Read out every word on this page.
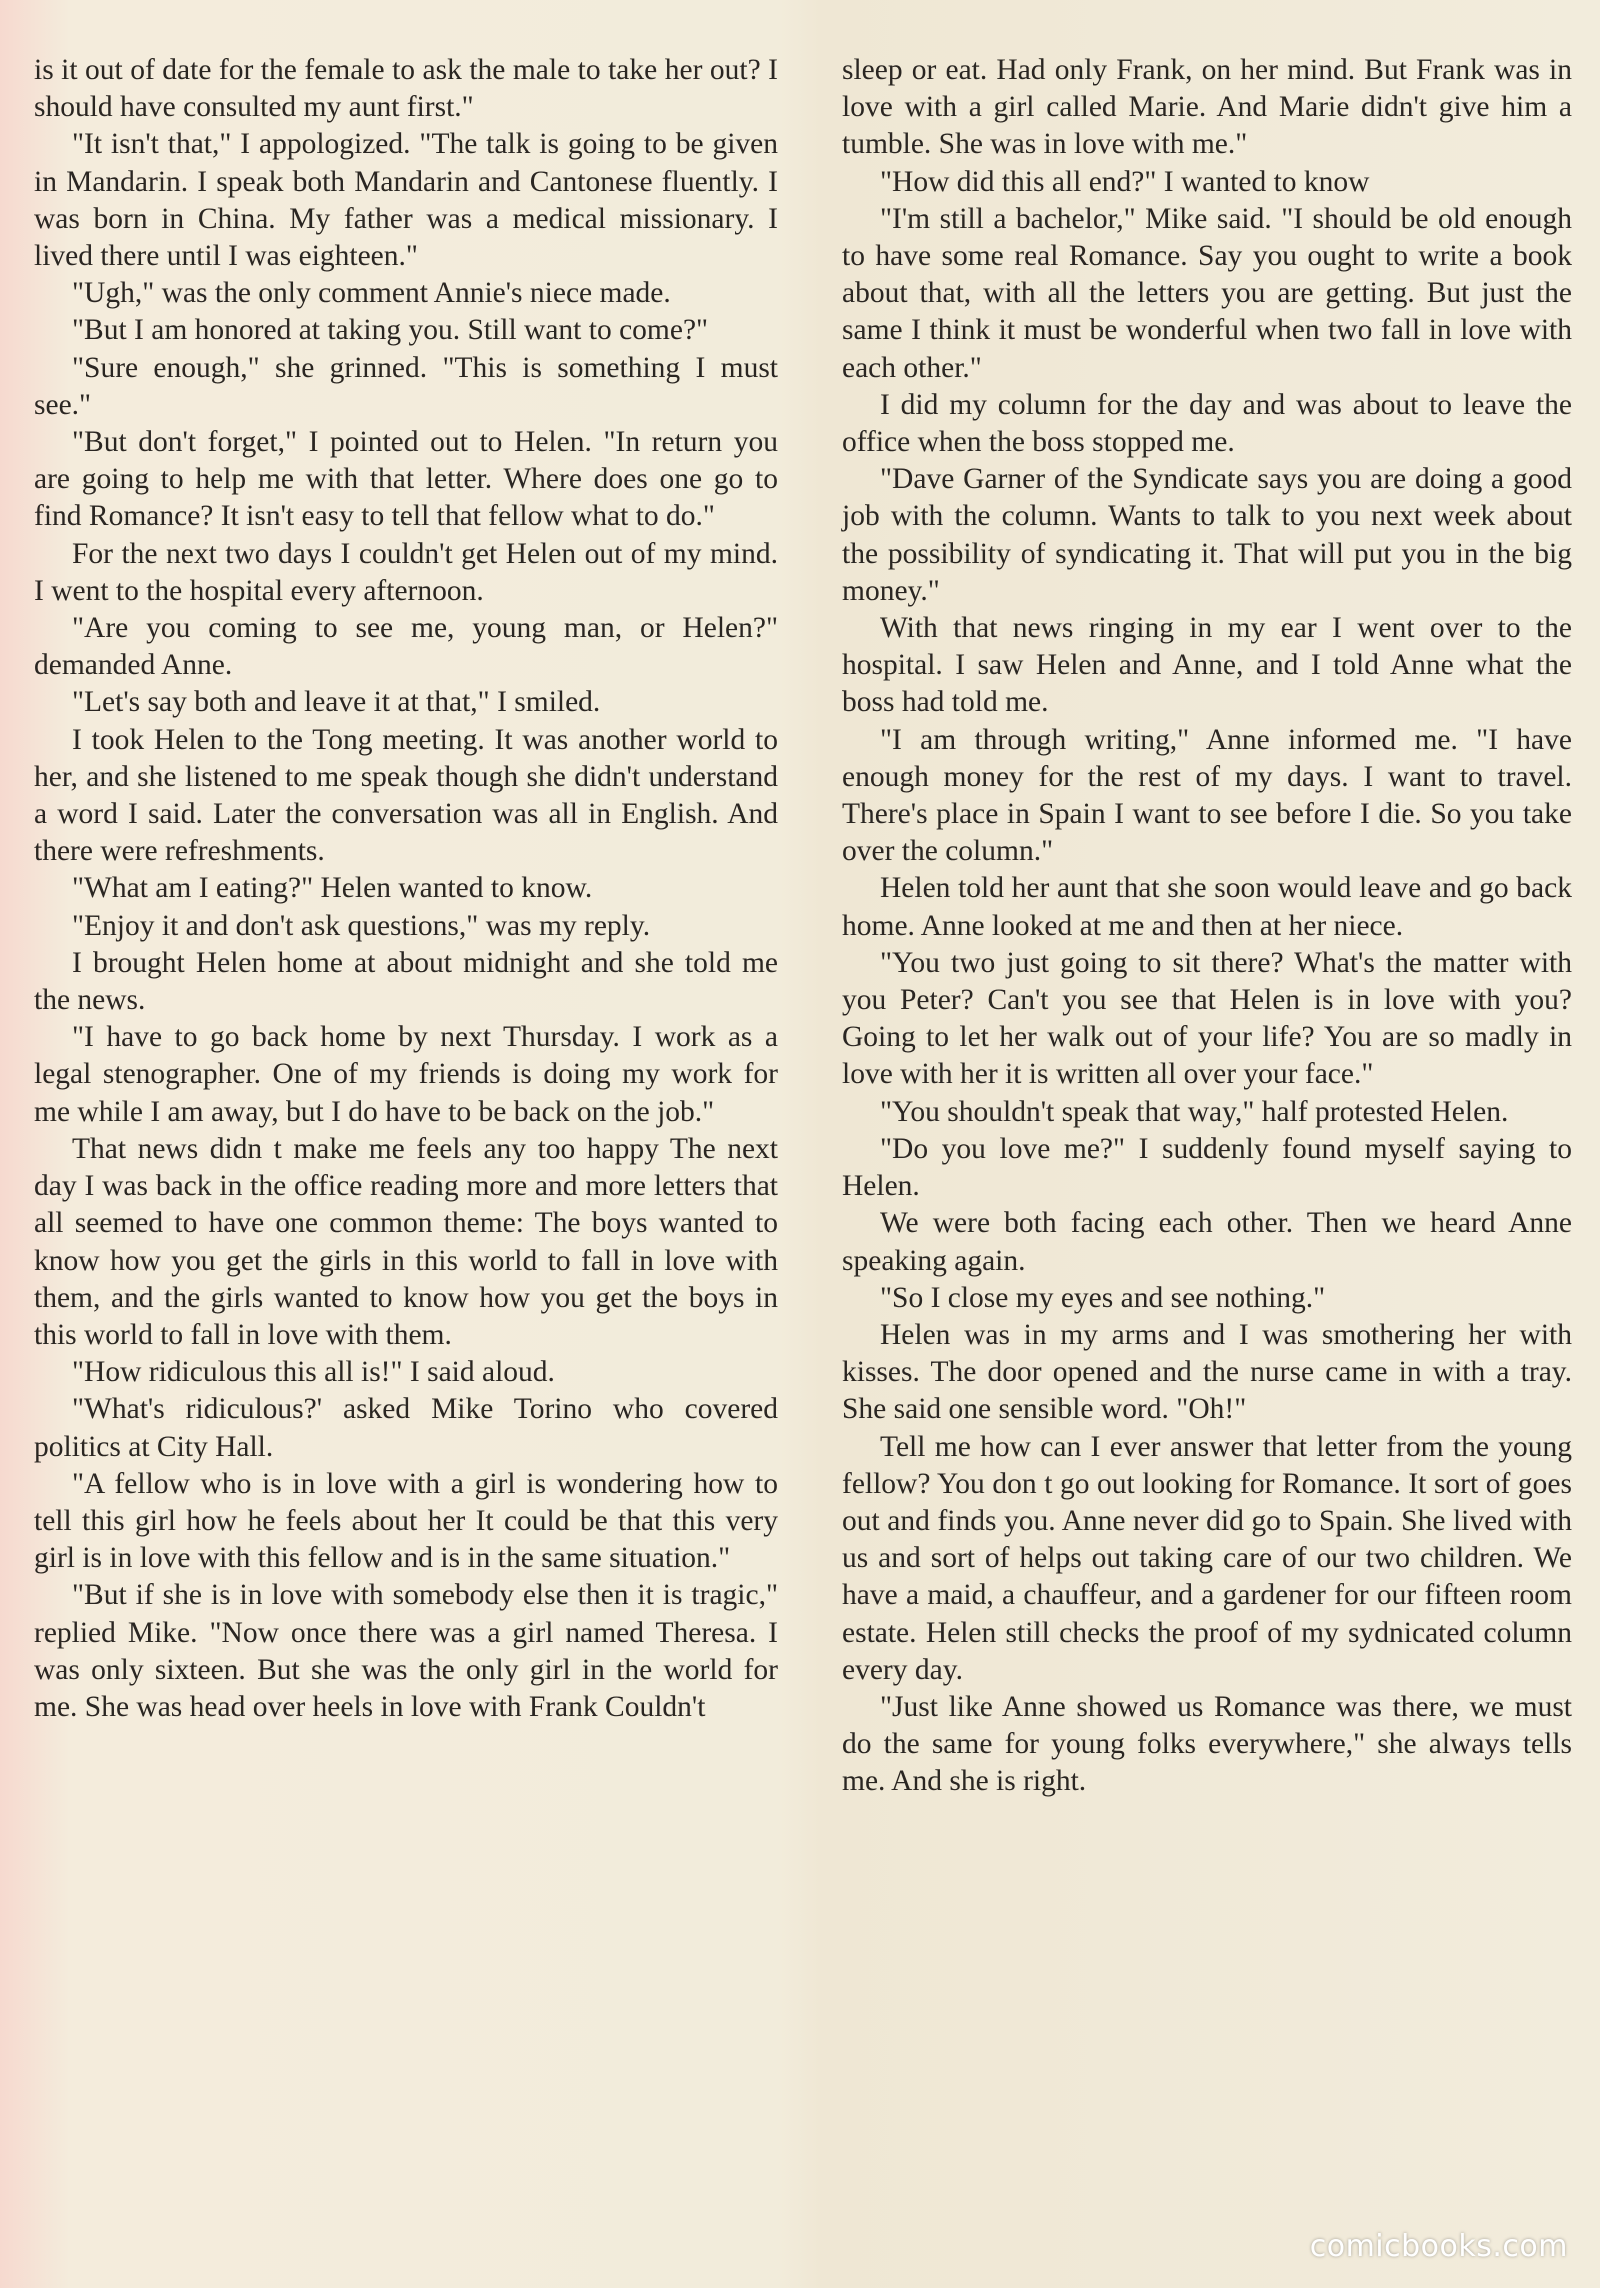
is it out of date for the female to ask the male to take her out? I should have consulted my aunt first."

"It isn't that," I appologized. "The talk is going to be given in Mandarin. I speak both Mandarin and Cantonese fluently. I was born in China. My father was a medical missionary. I lived there until I was eighteen."

"Ugh," was the only comment Annie's niece made.

"But I am honored at taking you. Still want to come?"

"Sure enough," she grinned. "This is something I must see."

"But don't forget," I pointed out to Helen. "In return you are going to help me with that letter. Where does one go to find Romance? It isn't easy to tell that fellow what to do."

For the next two days I couldn't get Helen out of my mind. I went to the hospital every afternoon.

"Are you coming to see me, young man, or Helen?" demanded Anne.

"Let's say both and leave it at that," I smiled.

I took Helen to the Tong meeting. It was another world to her, and she listened to me speak though she didn't understand a word I said. Later the conversation was all in English. And there were refreshments.

"What am I eating?" Helen wanted to know.

"Enjoy it and don't ask questions," was my reply.

I brought Helen home at about midnight and she told me the news.

"I have to go back home by next Thursday. I work as a legal stenographer. One of my friends is doing my work for me while I am away, but I do have to be back on the job."

That news didn t make me feels any too happy The next day I was back in the office reading more and more letters that all seemed to have one common theme: The boys wanted to know how you get the girls in this world to fall in love with them, and the girls wanted to know how you get the boys in this world to fall in love with them.

"How ridiculous this all is!" I said aloud.

"What's ridiculous?' asked Mike Torino who covered politics at City Hall.

"A fellow who is in love with a girl is wondering how to tell this girl how he feels about her It could be that this very girl is in love with this fellow and is in the same situation."

"But if she is in love with somebody else then it is tragic," replied Mike. "Now once there was a girl named Theresa. I was only sixteen. But she was the only girl in the world for me. She was head over heels in love with Frank Couldn't

sleep or eat. Had only Frank, on her mind. But Frank was in love with a girl called Marie. And Marie didn't give him a tumble. She was in love with me."

"How did this all end?" I wanted to know

"I'm still a bachelor," Mike said. "I should be old enough to have some real Romance. Say you ought to write a book about that, with all the letters you are getting. But just the same I think it must be wonderful when two fall in love with each other."

I did my column for the day and was about to leave the office when the boss stopped me.

"Dave Garner of the Syndicate says you are doing a good job with the column. Wants to talk to you next week about the possibility of syndicating it. That will put you in the big money."

With that news ringing in my ear I went over to the hospital. I saw Helen and Anne, and I told Anne what the boss had told me.

"I am through writing," Anne informed me. "I have enough money for the rest of my days. I want to travel. There's place in Spain I want to see before I die. So you take over the column."

Helen told her aunt that she soon would leave and go back home. Anne looked at me and then at her niece.

"You two just going to sit there? What's the matter with you Peter? Can't you see that Helen is in love with you? Going to let her walk out of your life? You are so madly in love with her it is written all over your face."

"You shouldn't speak that way," half protested Helen.

"Do you love me?" I suddenly found myself saying to Helen.

We were both facing each other. Then we heard Anne speaking again.

"So I close my eyes and see nothing."

Helen was in my arms and I was smothering her with kisses. The door opened and the nurse came in with a tray. She said one sensible word. "Oh!"

Tell me how can I ever answer that letter from the young fellow? You don t go out looking for Romance. It sort of goes out and finds you. Anne never did go to Spain. She lived with us and sort of helps out taking care of our two children. We have a maid, a chauffeur, and a gardener for our fifteen room estate. Helen still checks the proof of my sydnicated column every day.

"Just like Anne showed us Romance was there, we must do the same for young folks everywhere," she always tells me. And she is right.

comicbooks.com
